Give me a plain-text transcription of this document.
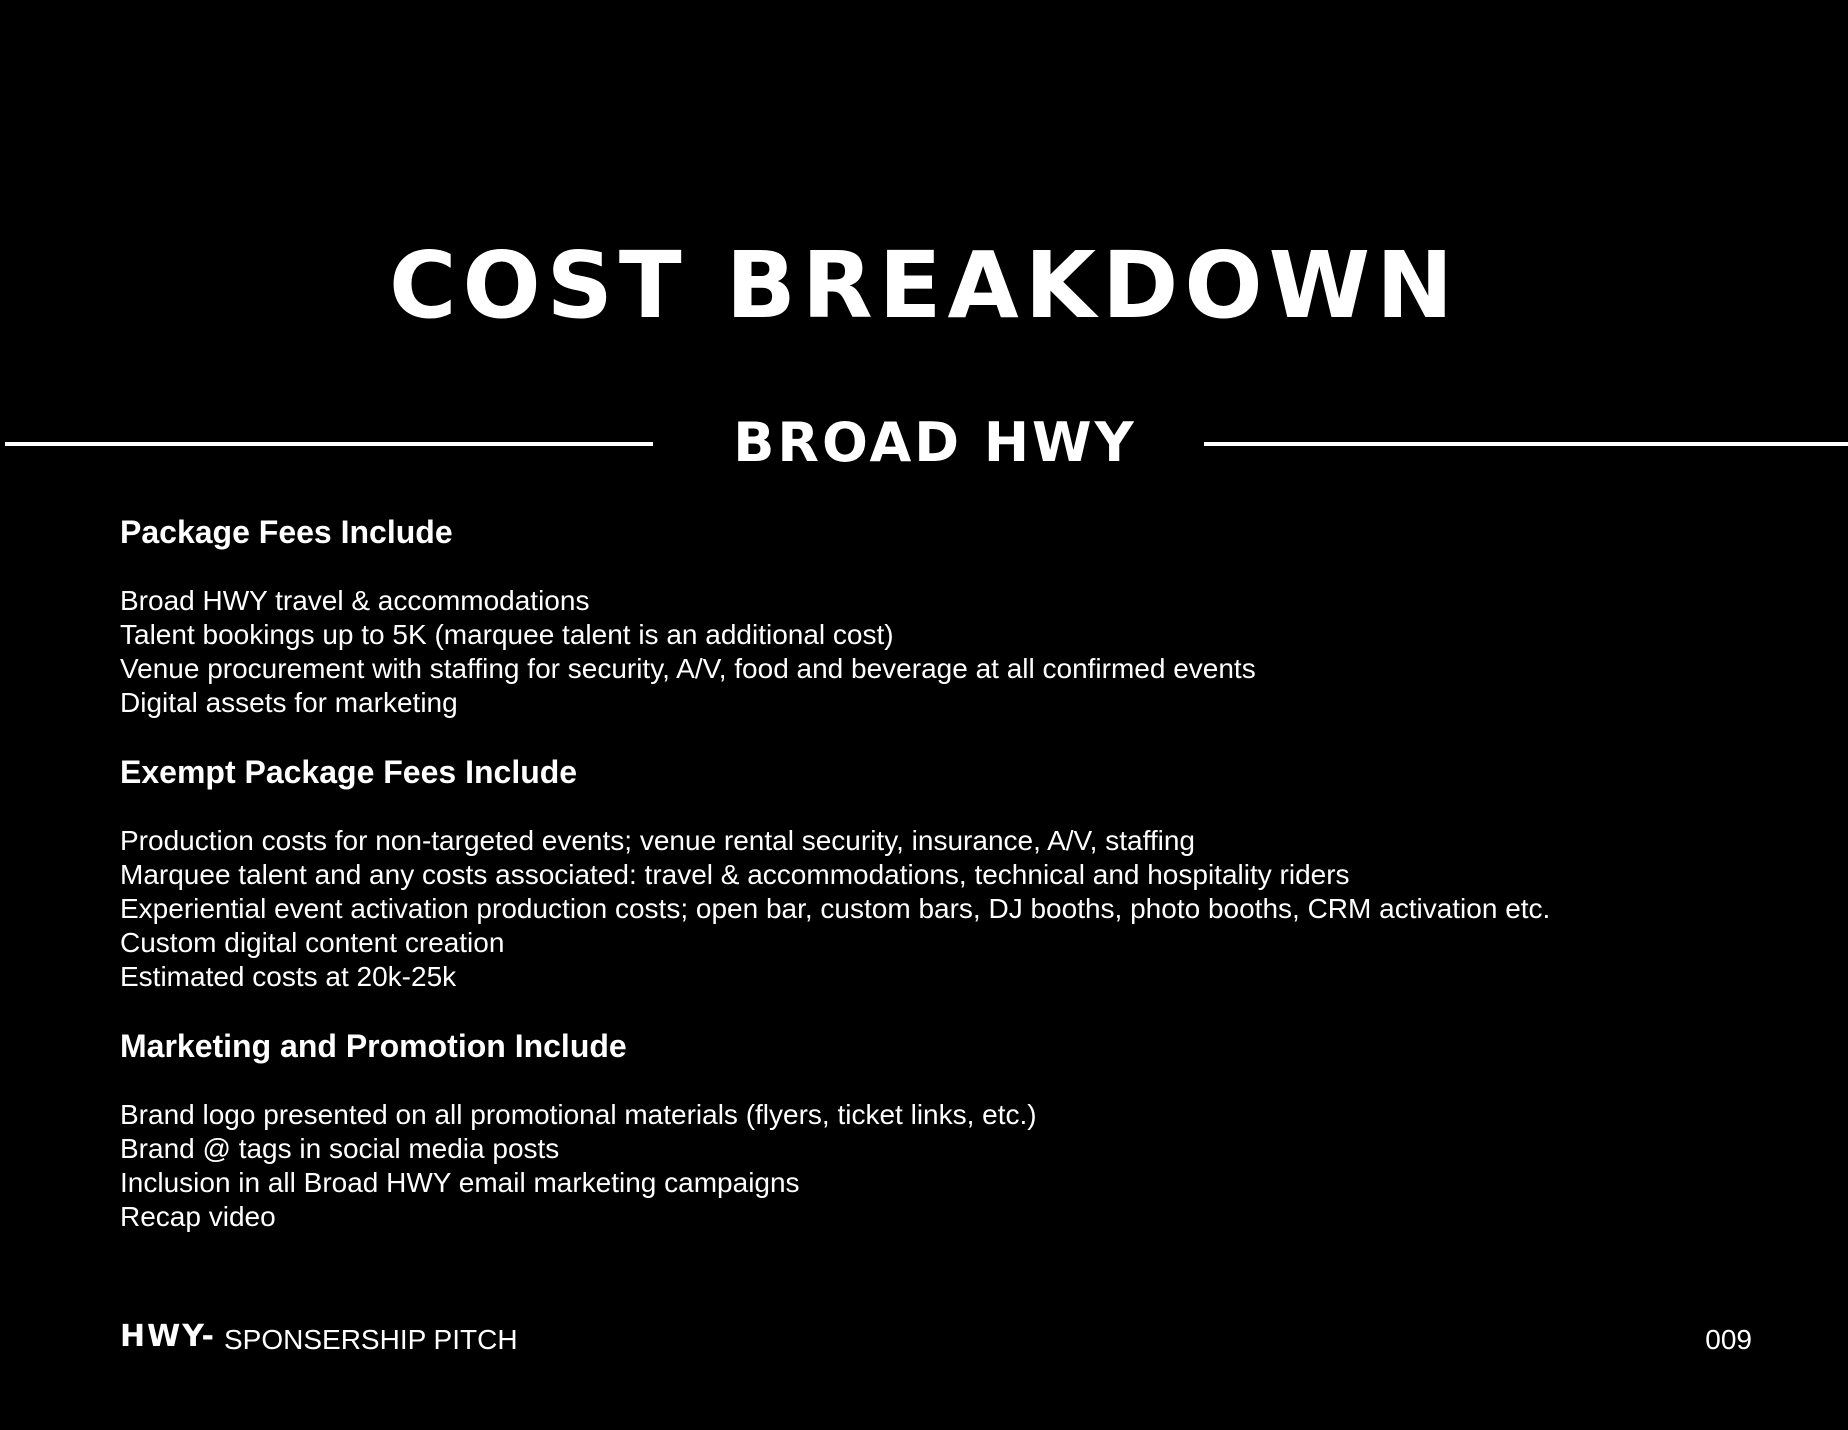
COST BREAKDOWN
BROAD HWY
Package Fees Include
Broad HWY travel & accommodations
Talent bookings up to 5K (marquee talent is an additional cost)
Venue procurement with staffing for security, A/V, food and beverage at all confirmed events
Digital assets for marketing
Exempt Package Fees Include
Production costs for non-targeted events; venue rental security, insurance, A/V, staffing
Marquee talent and any costs associated: travel & accommodations, technical and hospitality riders
Experiential event activation production costs; open bar, custom bars, DJ booths, photo booths, CRM activation etc.
Custom digital content creation
Estimated costs at 20k-25k
Marketing and Promotion Include
Brand logo presented on all promotional materials (flyers, ticket links, etc.)
Brand @ tags in social media posts
Inclusion in all Broad HWY email marketing campaigns
Recap video
HWY- SPONSERSHIP PITCH	009
